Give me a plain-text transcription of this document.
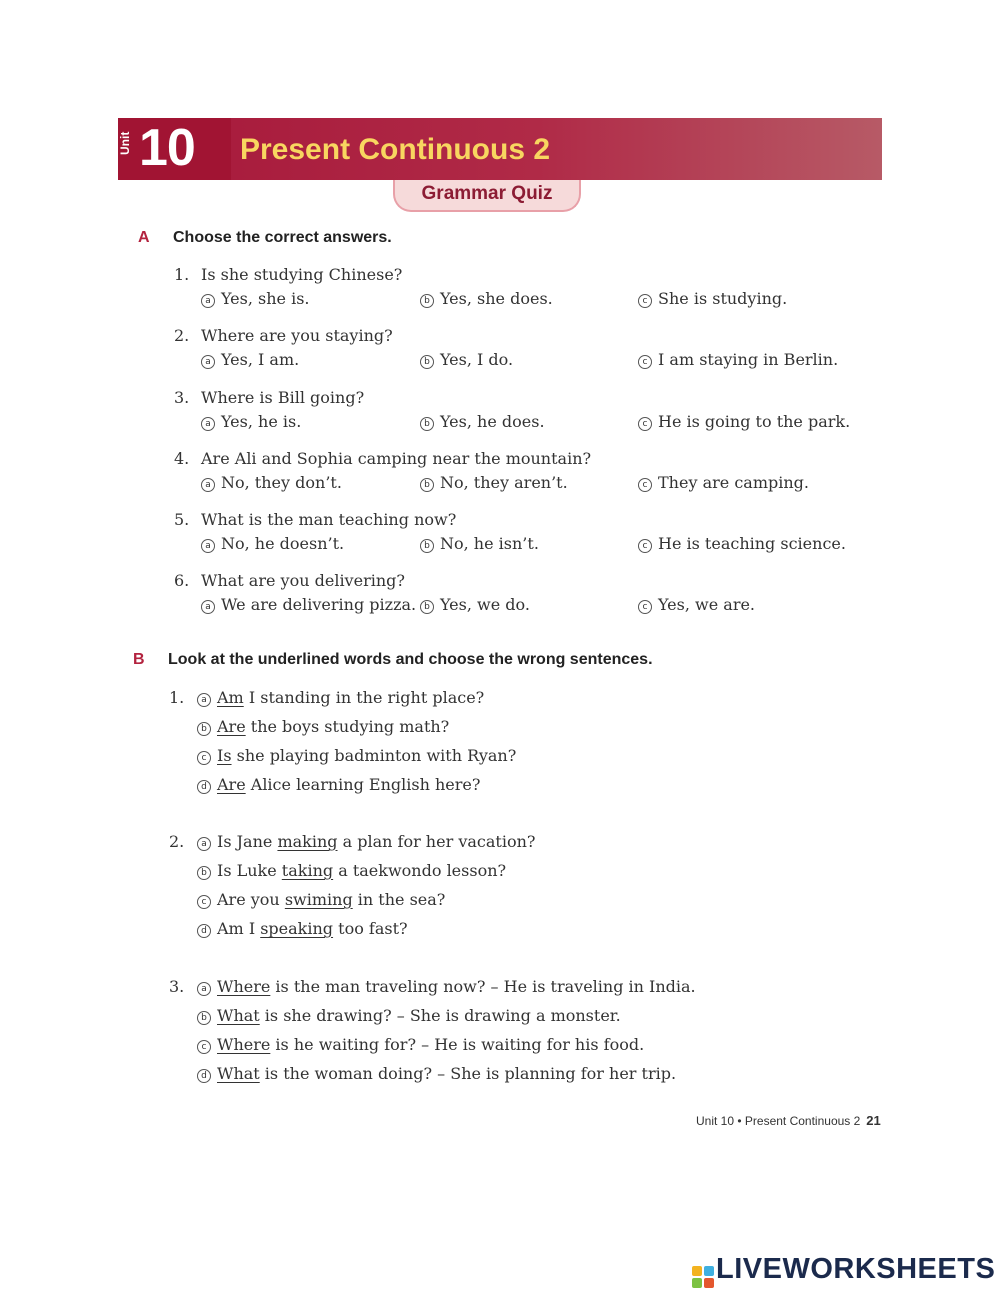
Unit 10 Present Continuous 2
Grammar Quiz
A Choose the correct answers.
1. Is she studying Chinese?
a Yes, she is.	b Yes, she does.	c She is studying.
2. Where are you staying?
a Yes, I am.	b Yes, I do.	c I am staying in Berlin.
3. Where is Bill going?
a Yes, he is.	b Yes, he does.	c He is going to the park.
4. Are Ali and Sophia camping near the mountain?
a No, they don’t.	b No, they aren’t.	c They are camping.
5. What is the man teaching now?
a No, he doesn’t.	b No, he isn’t.	c He is teaching science.
6. What are you delivering?
a We are delivering pizza. b Yes, we do.	c Yes, we are.
B Look at the underlined words and choose the wrong sentences.
1.	a Am I standing in the right place?
b Are the boys studying math?
c Is she playing badminton with Ryan?
d Are Alice learning English here?
2.	a Is Jane making a plan for her vacation?
b Is Luke taking a taekwondo lesson?
c Are you swiming in the sea?
d Am I speaking too fast?
3.	a Where is the man traveling now? – He is traveling in India.
b What is she drawing? – She is drawing a monster.
c Where is he waiting for? – He is waiting for his food.
d What is the woman doing? – She is planning for her trip.
Unit 10 • Present Continuous 2 21
LIVEWORKSHEETS
